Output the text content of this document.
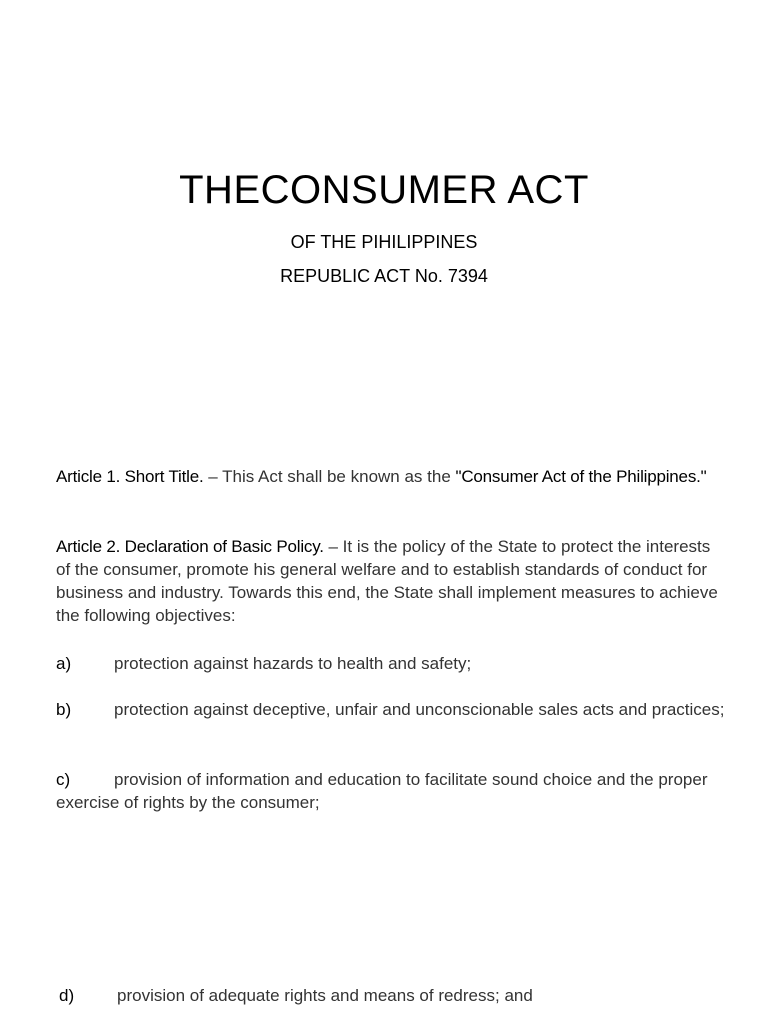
THECONSUMER ACT
OF THE PIHILIPPINES
REPUBLIC ACT No. 7394
Article 1. Short Title. – This Act shall be known as the "Consumer Act of the Philippines."
Article 2. Declaration of Basic Policy. – It is the policy of the State to protect the interests of the consumer, promote his general welfare and to establish standards of conduct for business and industry. Towards this end, the State shall implement measures to achieve the following objectives:
a)	protection against hazards to health and safety;
b)	protection against deceptive, unfair and unconscionable sales acts and practices;
c)	provision of information and education to facilitate sound choice and the proper exercise of rights by the consumer;
d)	provision of adequate rights and means of redress; and
